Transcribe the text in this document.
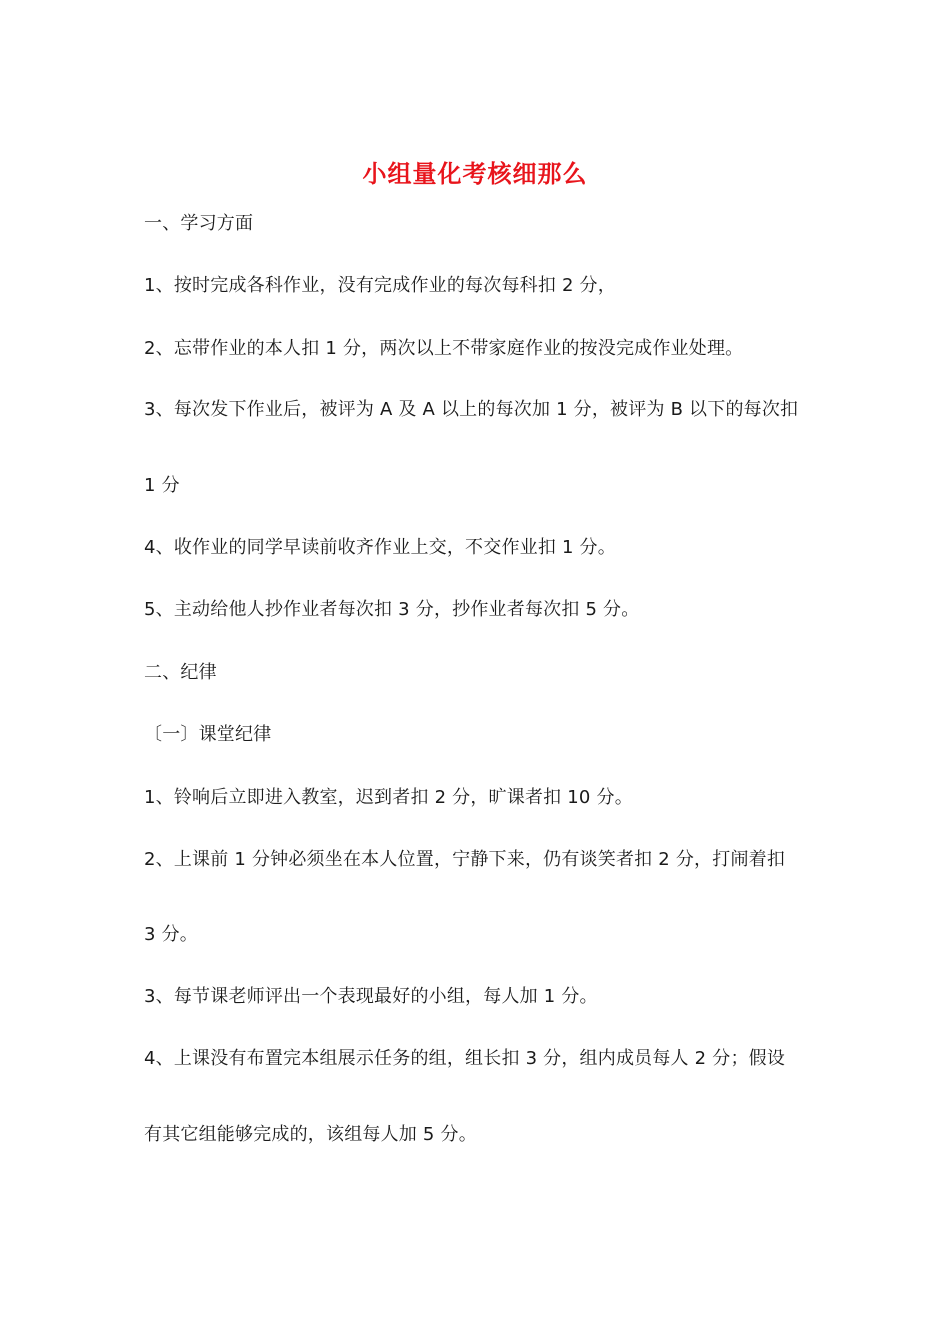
小组量化考核细那么
一、学习方面
1、按时完成各科作业，没有完成作业的每次每科扣 2 分，
2、忘带作业的本人扣 1 分，两次以上不带家庭作业的按没完成作业处理。
3、每次发下作业后，被评为 A 及 A 以上的每次加 1 分，被评为 B 以下的每次扣
1 分
4、收作业的同学早读前收齐作业上交，不交作业扣 1 分。
5、主动给他人抄作业者每次扣 3 分，抄作业者每次扣 5 分。
二、纪律
〔一〕课堂纪律
1、铃响后立即进入教室，迟到者扣 2 分，旷课者扣 10 分。
2、上课前 1 分钟必须坐在本人位置，宁静下来，仍有谈笑者扣 2 分，打闹着扣
3 分。
3、每节课老师评出一个表现最好的小组，每人加 1 分。
4、上课没有布置完本组展示任务的组，组长扣 3 分，组内成员每人 2 分；假设
有其它组能够完成的，该组每人加 5 分。
